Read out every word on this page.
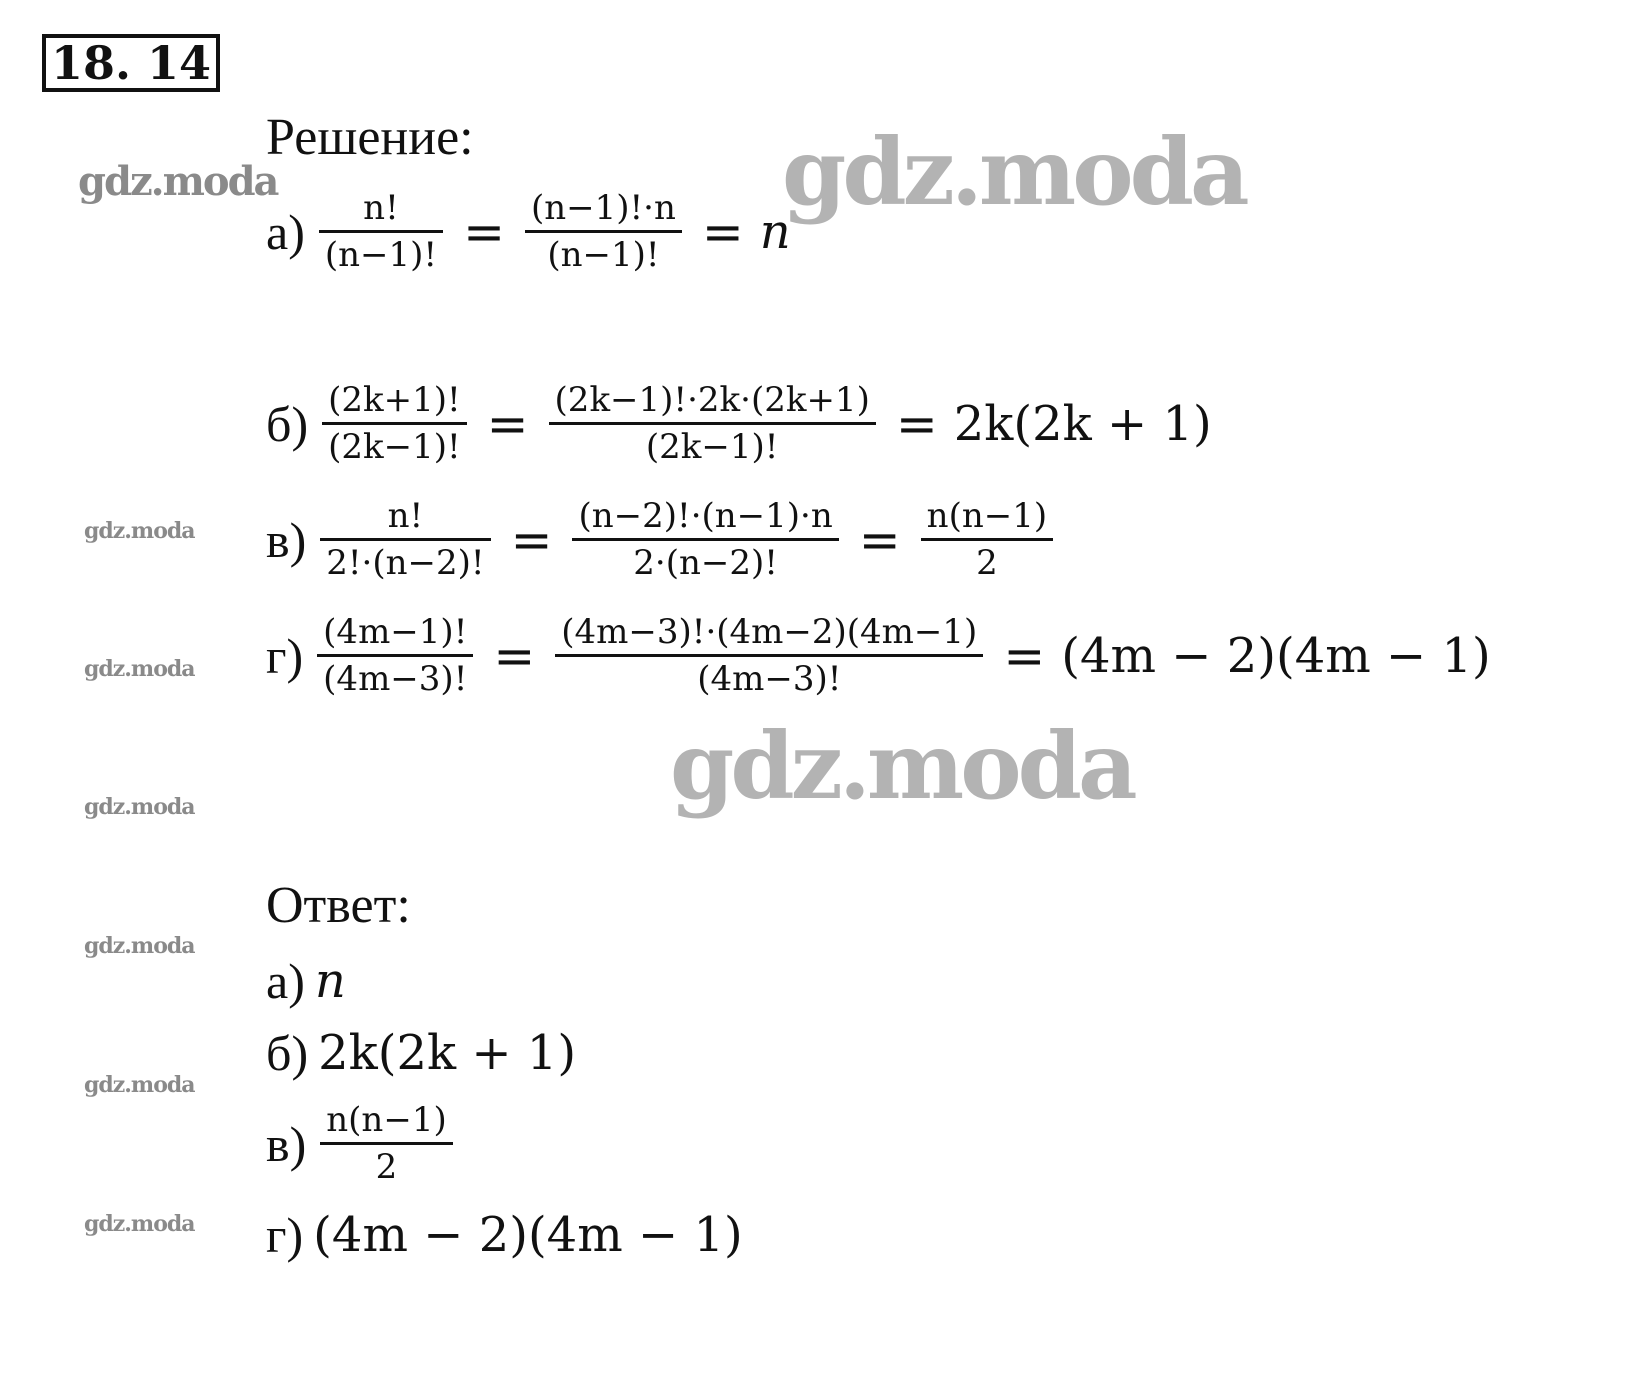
18. 14
gdz.moda	gdz.moda
gdz.moda
gdz.moda
gdz.moda
gdz.moda
gdz.moda
gdz.moda
gdz.moda
Решение:
$а) \frac{n!}{(n-1)!} = \frac{(n-1)!\cdot n}{(n-1)!} = n$
$б) \frac{(2k+1)!}{(2k-1)!} = \frac{(2k-1)!\cdot 2k\cdot(2k+1)}{(2k-1)!} = 2k(2k + 1)$
$в) \frac{n!}{2!\cdot(n-2)!} = \frac{(n-2)!\cdot(n-1)\cdot n}{2\cdot(n-2)!} = \frac{n(n-1)}{2}$
$г) \frac{(4m-1)!}{(4m-3)!} = \frac{(4m-3)!\cdot(4m-2)(4m-1)}{(4m-3)!} = (4m - 2)(4m - 1)$
Ответ:
а) n
б) 2k(2k + 1)
$в) \frac{n(n-1)}{2}$
г) (4m − 2)(4m − 1)
